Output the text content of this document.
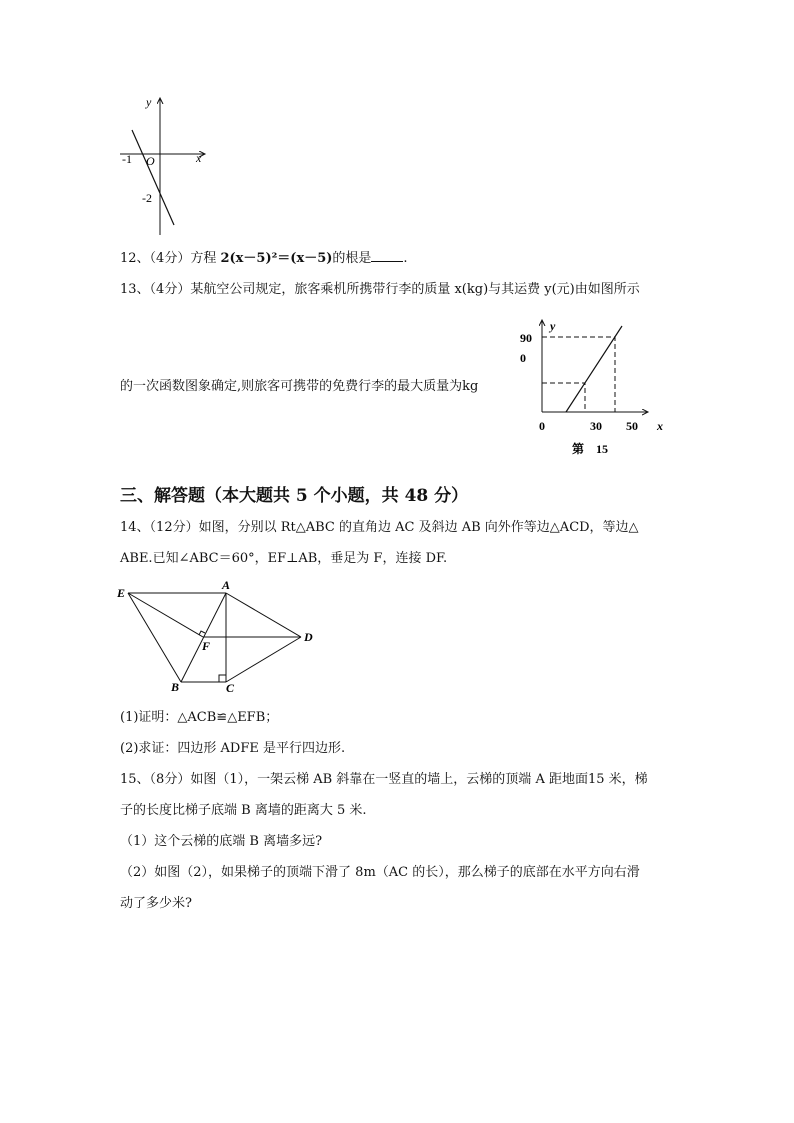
y
x
O
-1
-2
12、（4分）方程 2(x－5)²＝(x－5)的根是 .
13、（4分）某航空公司规定，旅客乘机所携带行李的质量 x(kg)与其运费 y(元)由如图所示
的一次函数图象确定,则旅客可携带的免费行李的最大质量为kg
y
90
0
0	30 50 x
第　15
三、解答题（本大题共 5 个小题，共 48 分）
14、（12分）如图，分别以 Rt△ABC 的直角边 AC 及斜边 AB 向外作等边△ACD，等边△
ABE.已知∠ABC＝60°，EF⊥AB，垂足为 F，连接 DF.
E
A
D
F
B	C
(1)证明：△ACB≌△EFB；
(2)求证：四边形 ADFE 是平行四边形.
15、（8分）如图（1），一架云梯 AB 斜靠在一竖直的墙上，云梯的顶端 A 距地面15 米，梯
子的长度比梯子底端 B 离墙的距离大 5 米.
（1）这个云梯的底端 B 离墙多远?
（2）如图（2），如果梯子的顶端下滑了 8m（AC 的长），那么梯子的底部在水平方向右滑
动了多少米?
